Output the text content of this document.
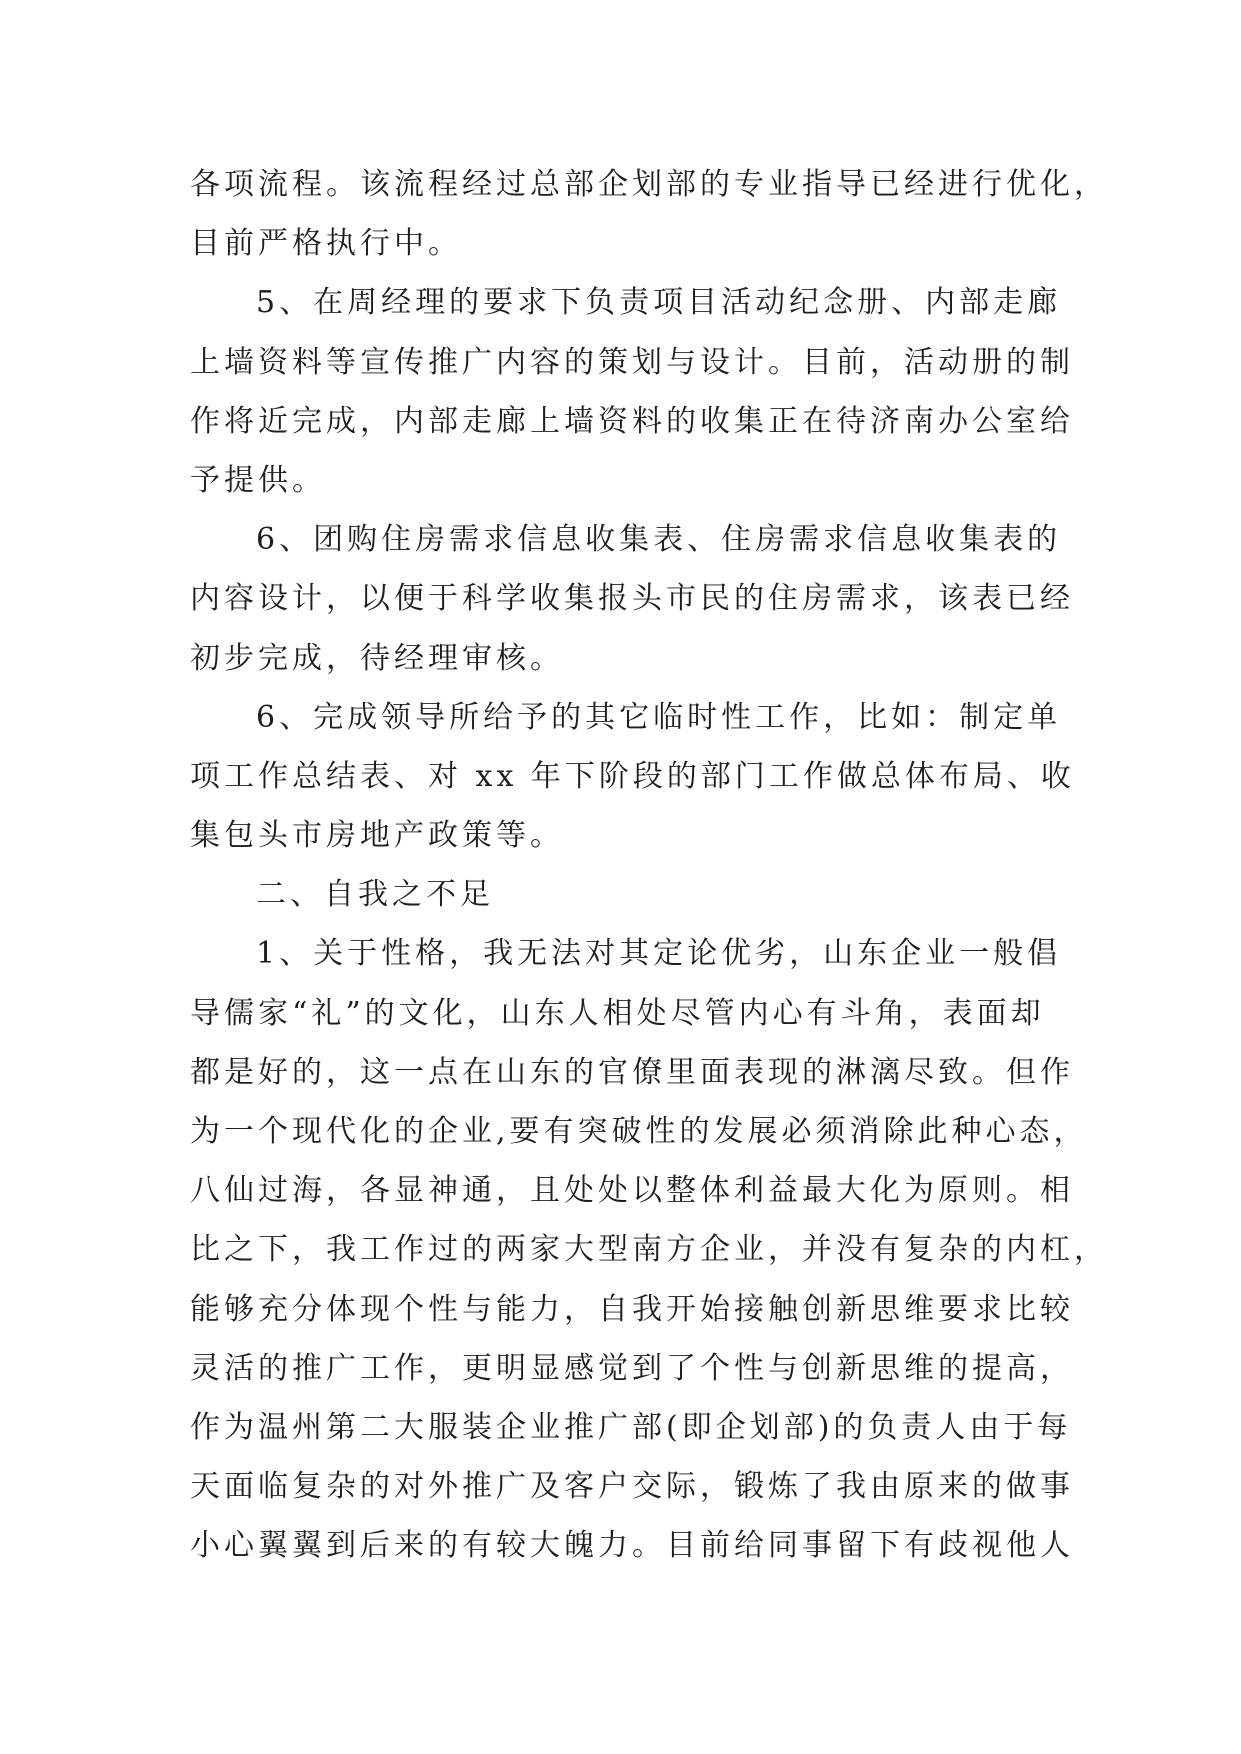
各项流程。该流程经过总部企划部的专业指导已经进行优化，
目前严格执行中。
5、在周经理的要求下负责项目活动纪念册、内部走廊
上墙资料等宣传推广内容的策划与设计。目前，活动册的制
作将近完成，内部走廊上墙资料的收集正在待济南办公室给
予提供。
6、团购住房需求信息收集表、住房需求信息收集表的
内容设计，以便于科学收集报头市民的住房需求，该表已经
初步完成，待经理审核。
6、完成领导所给予的其它临时性工作，比如：制定单
项工作总结表、对 xx 年下阶段的部门工作做总体布局、收
集包头市房地产政策等。
二、自我之不足
1、关于性格，我无法对其定论优劣，山东企业一般倡
导儒家“礼”的文化，山东人相处尽管内心有斗角，表面却
都是好的，这一点在山东的官僚里面表现的淋漓尽致。但作
为一个现代化的企业,要有突破性的发展必须消除此种心态，
八仙过海，各显神通，且处处以整体利益最大化为原则。相
比之下，我工作过的两家大型南方企业，并没有复杂的内杠，
能够充分体现个性与能力，自我开始接触创新思维要求比较
灵活的推广工作，更明显感觉到了个性与创新思维的提高，
作为温州第二大服装企业推广部(即企划部)的负责人由于每
天面临复杂的对外推广及客户交际，锻炼了我由原来的做事
小心翼翼到后来的有较大魄力。目前给同事留下有歧视他人
